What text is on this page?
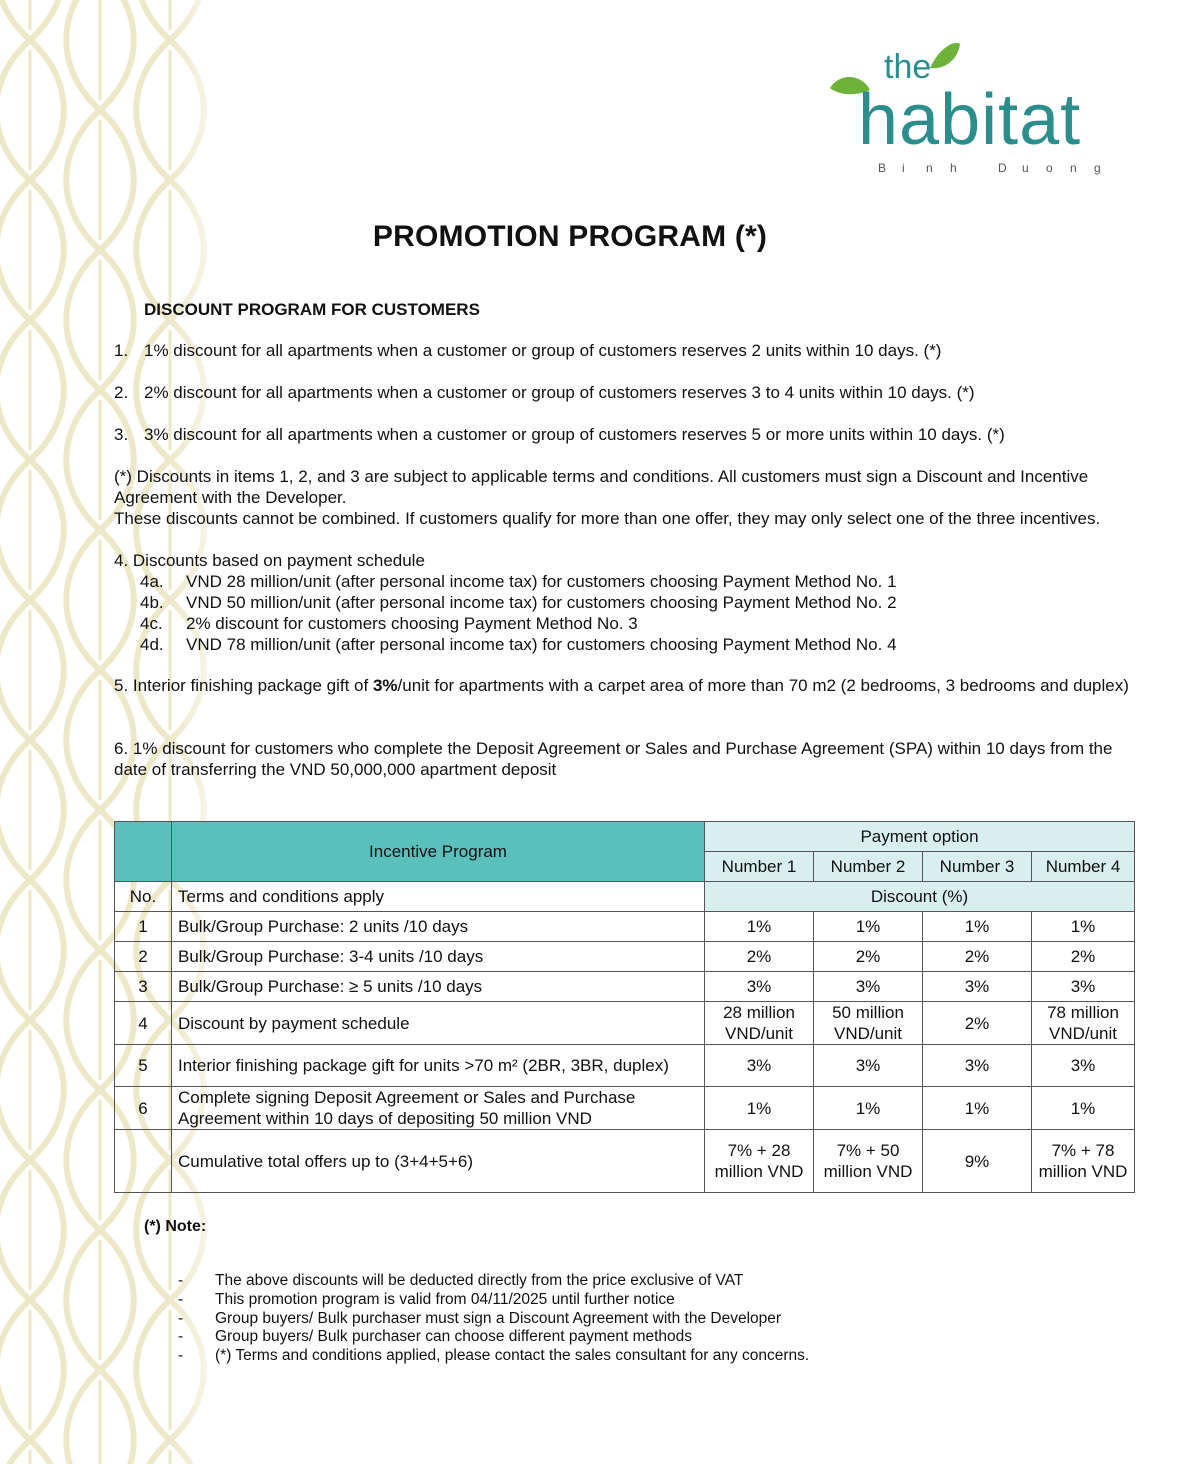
the
habitat
B i n h	D u o n g
PROMOTION PROGRAM (*)
DISCOUNT PROGRAM FOR CUSTOMERS
1. 1% discount for all apartments when a customer or group of customers reserves 2 units within 10 days. (*)
2. 2% discount for all apartments when a customer or group of customers reserves 3 to 4 units within 10 days. (*)
3. 3% discount for all apartments when a customer or group of customers reserves 5 or more units within 10 days. (*)
(*) Discounts in items 1, 2, and 3 are subject to applicable terms and conditions. All customers must sign a Discount and Incentive Agreement with the Developer.
These discounts cannot be combined. If customers qualify for more than one offer, they may only select one of the three incentives.
4. Discounts based on payment schedule
4a. VND 28 million/unit (after personal income tax) for customers choosing Payment Method No. 1
4b. VND 50 million/unit (after personal income tax) for customers choosing Payment Method No. 2
4c. 2% discount for customers choosing Payment Method No. 3
4d. VND 78 million/unit (after personal income tax) for customers choosing Payment Method No. 4
5. Interior finishing package gift of 3%/unit for apartments with a carpet area of more than 70 m2 (2 bedrooms, 3 bedrooms and duplex)
6. 1% discount for customers who complete the Deposit Agreement or Sales and Purchase Agreement (SPA) within 10 days from the date of transferring the VND 50,000,000 apartment deposit
	Incentive Program	Payment option			
		Number 1	Number 2	Number 3	Number 4
No.	Terms and conditions apply	Discount (%)			
1	Bulk/Group Purchase: 2 units /10 days	1%	1%	1%	1%
2	Bulk/Group Purchase: 3-4 units /10 days	2%	2%	2%	2%
3	Bulk/Group Purchase: ≥ 5 units /10 days	3%	3%	3%	3%
4	Discount by payment schedule	28 million VND/unit	50 million VND/unit	2%	78 million VND/unit
5	Interior finishing package gift for units >70 m² (2BR, 3BR, duplex)	3%	3%	3%	3%
6	Complete signing Deposit Agreement or Sales and Purchase Agreement within 10 days of depositing 50 million VND	1%	1%	1%	1%
	Cumulative total offers up to (3+4+5+6)	7% + 28 million VND	7% + 50 million VND	9%	7% + 78 million VND
(*) Note:
- The above discounts will be deducted directly from the price exclusive of VAT
- This promotion program is valid from 04/11/2025 until further notice
- Group buyers/ Bulk purchaser must sign a Discount Agreement with the Developer
- Group buyers/ Bulk purchaser can choose different payment methods
- (*) Terms and conditions applied, please contact the sales consultant for any concerns.
